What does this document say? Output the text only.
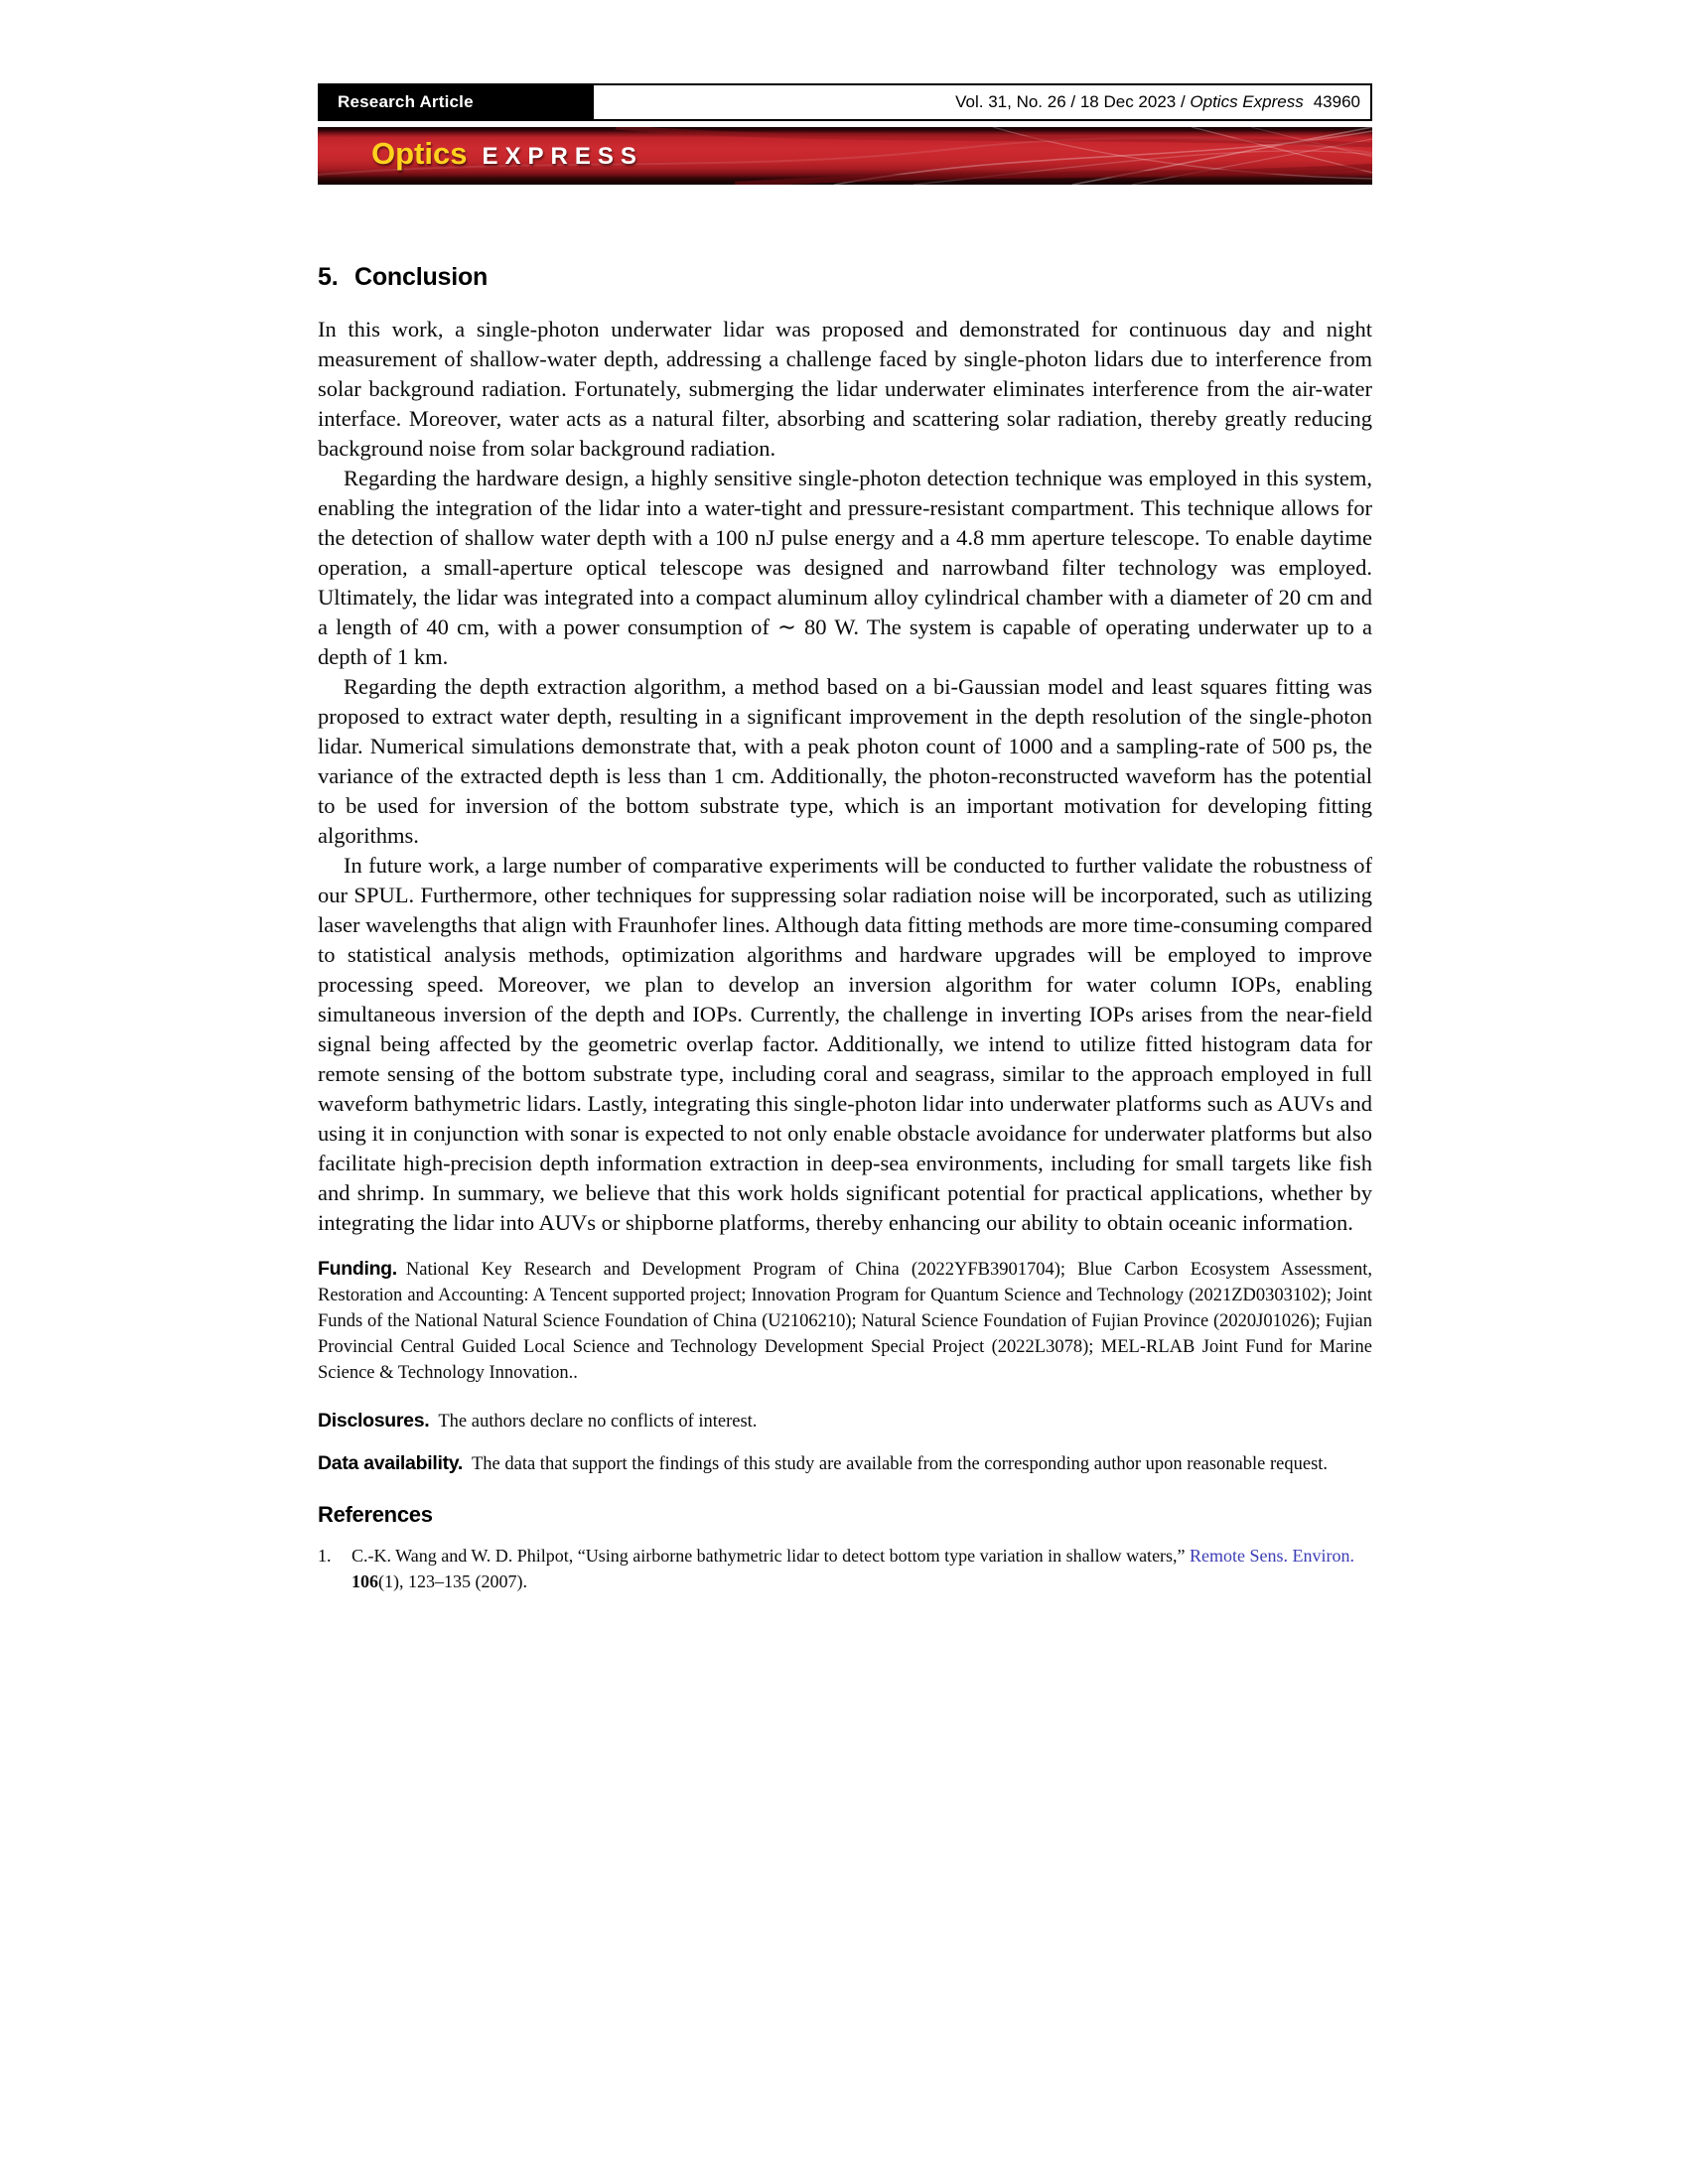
Research Article	Vol. 31, No. 26 / 18 Dec 2023 / Optics Express 43960
Optics EXPRESS
5. Conclusion

In this work, a single-photon underwater lidar was proposed and demonstrated for continuous day and night measurement of shallow-water depth, addressing a challenge faced by single-photon lidars due to interference from solar background radiation. Fortunately, submerging the lidar underwater eliminates interference from the air-water interface. Moreover, water acts as a natural filter, absorbing and scattering solar radiation, thereby greatly reducing background noise from solar background radiation.

Regarding the hardware design, a highly sensitive single-photon detection technique was employed in this system, enabling the integration of the lidar into a water-tight and pressure-resistant compartment. This technique allows for the detection of shallow water depth with a 100 nJ pulse energy and a 4.8 mm aperture telescope. To enable daytime operation, a small-aperture optical telescope was designed and narrowband filter technology was employed. Ultimately, the lidar was integrated into a compact aluminum alloy cylindrical chamber with a diameter of 20 cm and a length of 40 cm, with a power consumption of ∼ 80 W. The system is capable of operating underwater up to a depth of 1 km.

Regarding the depth extraction algorithm, a method based on a bi-Gaussian model and least squares fitting was proposed to extract water depth, resulting in a significant improvement in the depth resolution of the single-photon lidar. Numerical simulations demonstrate that, with a peak photon count of 1000 and a sampling-rate of 500 ps, the variance of the extracted depth is less than 1 cm. Additionally, the photon-reconstructed waveform has the potential to be used for inversion of the bottom substrate type, which is an important motivation for developing fitting algorithms.

In future work, a large number of comparative experiments will be conducted to further validate the robustness of our SPUL. Furthermore, other techniques for suppressing solar radiation noise will be incorporated, such as utilizing laser wavelengths that align with Fraunhofer lines. Although data fitting methods are more time-consuming compared to statistical analysis methods, optimization algorithms and hardware upgrades will be employed to improve processing speed. Moreover, we plan to develop an inversion algorithm for water column IOPs, enabling simultaneous inversion of the depth and IOPs. Currently, the challenge in inverting IOPs arises from the near-field signal being affected by the geometric overlap factor. Additionally, we intend to utilize fitted histogram data for remote sensing of the bottom substrate type, including coral and seagrass, similar to the approach employed in full waveform bathymetric lidars. Lastly, integrating this single-photon lidar into underwater platforms such as AUVs and using it in conjunction with sonar is expected to not only enable obstacle avoidance for underwater platforms but also facilitate high-precision depth information extraction in deep-sea environments, including for small targets like fish and shrimp. In summary, we believe that this work holds significant potential for practical applications, whether by integrating the lidar into AUVs or shipborne platforms, thereby enhancing our ability to obtain oceanic information.

Funding. National Key Research and Development Program of China (2022YFB3901704); Blue Carbon Ecosystem Assessment, Restoration and Accounting: A Tencent supported project; Innovation Program for Quantum Science and Technology (2021ZD0303102); Joint Funds of the National Natural Science Foundation of China (U2106210); Natural Science Foundation of Fujian Province (2020J01026); Fujian Provincial Central Guided Local Science and Technology Development Special Project (2022L3078); MEL-RLAB Joint Fund for Marine Science & Technology Innovation..

Disclosures. The authors declare no conflicts of interest.

Data availability. The data that support the findings of this study are available from the corresponding author upon reasonable request.

References

1. C.-K. Wang and W. D. Philpot, “Using airborne bathymetric lidar to detect bottom type variation in shallow waters,” Remote Sens. Environ. 106(1), 123–135 (2007).
